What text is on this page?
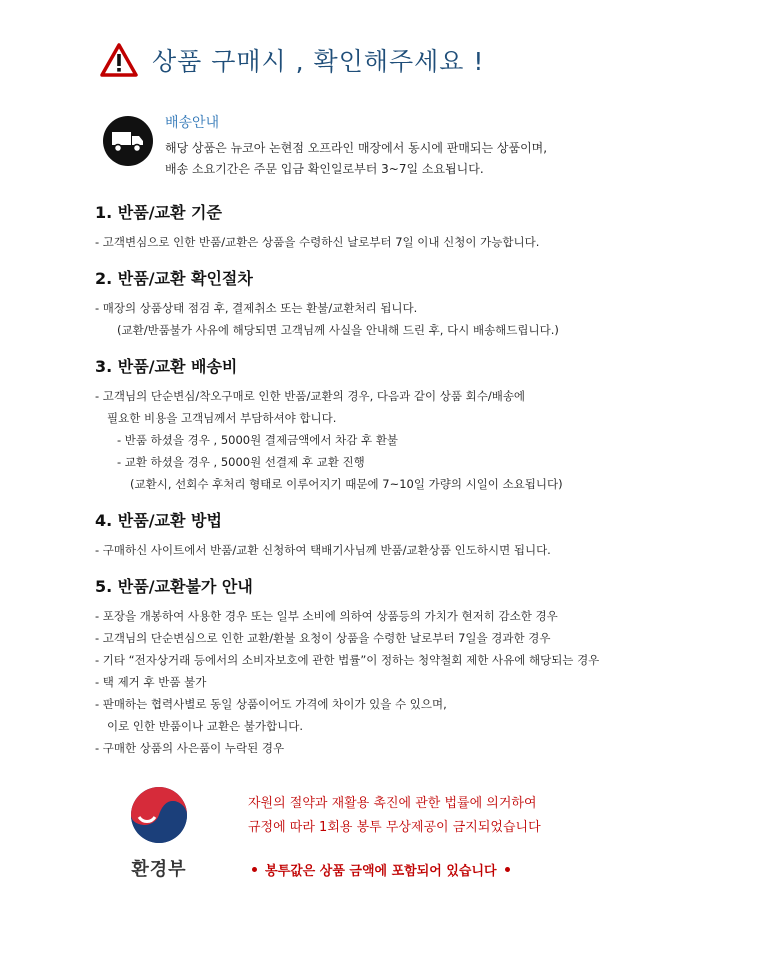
상품 구매시 , 확인해주세요 !
배송안내
해당 상품은 뉴코아 논현점 오프라인 매장에서 동시에 판매되는 상품이며,
배송 소요기간은 주문 입금 확인일로부터 3~7일 소요됩니다.
1. 반품/교환 기준
- 고객변심으로 인한 반품/교환은 상품을 수령하신 날로부터 7일 이내 신청이 가능합니다.
2. 반품/교환 확인절차
- 매장의 상품상태 점검 후, 결제취소 또는 환불/교환처리 됩니다.
(교환/반품불가 사유에 해당되면 고객님께 사실을 안내해 드린 후, 다시 배송해드립니다.)
3. 반품/교환 배송비
- 고객님의 단순변심/착오구매로 인한 반품/교환의 경우, 다음과 같이 상품 회수/배송에
필요한 비용을 고객님께서 부담하셔야 합니다.
- 반품 하셨을 경우 , 5000원 결제금액에서 차감 후 환불
- 교환 하셨을 경우 , 5000원 선결제 후 교환 진행
(교환시, 선회수 후처리 형태로 이루어지기 때문에 7~10일 가량의 시일이 소요됩니다)
4. 반품/교환 방법
- 구매하신 사이트에서 반품/교환 신청하여 택배기사님께 반품/교환상품 인도하시면 됩니다.
5. 반품/교환불가 안내
- 포장을 개봉하여 사용한 경우 또는 일부 소비에 의하여 상품등의 가치가 현저히 감소한 경우
- 고객님의 단순변심으로 인한 교환/환불 요청이 상품을 수령한 날로부터 7일을 경과한 경우
- 기타 “전자상거래 등에서의 소비자보호에 관한 법률”이 정하는 청약철회 제한 사유에 해당되는 경우
- 택 제거 후 반품 불가
- 판매하는 협력사별로 동일 상품이어도 가격에 차이가 있을 수 있으며,
이로 인한 반품이나 교환은 불가합니다.
- 구매한 상품의 사은품이 누락된 경우
환경부
자원의 절약과 재활용 촉진에 관한 법률에 의거하여
규정에 따라 1회용 봉투 무상제공이 금지되었습니다
봉투값은 상품 금액에 포함되어 있습니다
